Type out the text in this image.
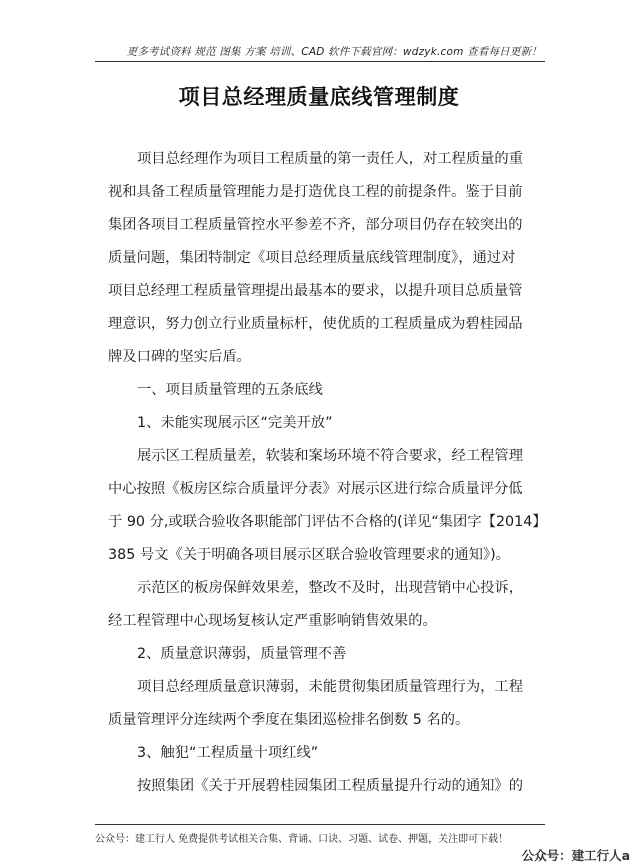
更多考试资料 规范 图集 方案 培训、CAD 软件下载官网：wdzyk.com 查看每日更新！
项目总经理质量底线管理制度
项目总经理作为项目工程质量的第一责任人，对工程质量的重
视和具备工程质量管理能力是打造优良工程的前提条件。鉴于目前
集团各项目工程质量管控水平参差不齐，部分项目仍存在较突出的
质量问题，集团特制定《项目总经理质量底线管理制度》，通过对
项目总经理工程质量管理提出最基本的要求，以提升项目总质量管
理意识，努力创立行业质量标杆，使优质的工程质量成为碧桂园品
牌及口碑的坚实后盾。
一、项目质量管理的五条底线
1、未能实现展示区“完美开放”
展示区工程质量差，软装和案场环境不符合要求，经工程管理
中心按照《板房区综合质量评分表》对展示区进行综合质量评分低
于 90 分,或联合验收各职能部门评估不合格的(详见“集团字【2014】
385 号文《关于明确各项目展示区联合验收管理要求的通知》)。
示范区的板房保鲜效果差，整改不及时，出现营销中心投诉，
经工程管理中心现场复核认定严重影响销售效果的。
2、质量意识薄弱，质量管理不善
项目总经理质量意识薄弱，未能贯彻集团质量管理行为，工程
质量管理评分连续两个季度在集团巡检排名倒数 5 名的。
3、触犯“工程质量十项红线”
按照集团《关于开展碧桂园集团工程质量提升行动的通知》的
公众号：建工行人 免费提供考试相关合集、背诵、口诀、习题、试卷、押题，关注即可下载！
公众号：建工行人a
